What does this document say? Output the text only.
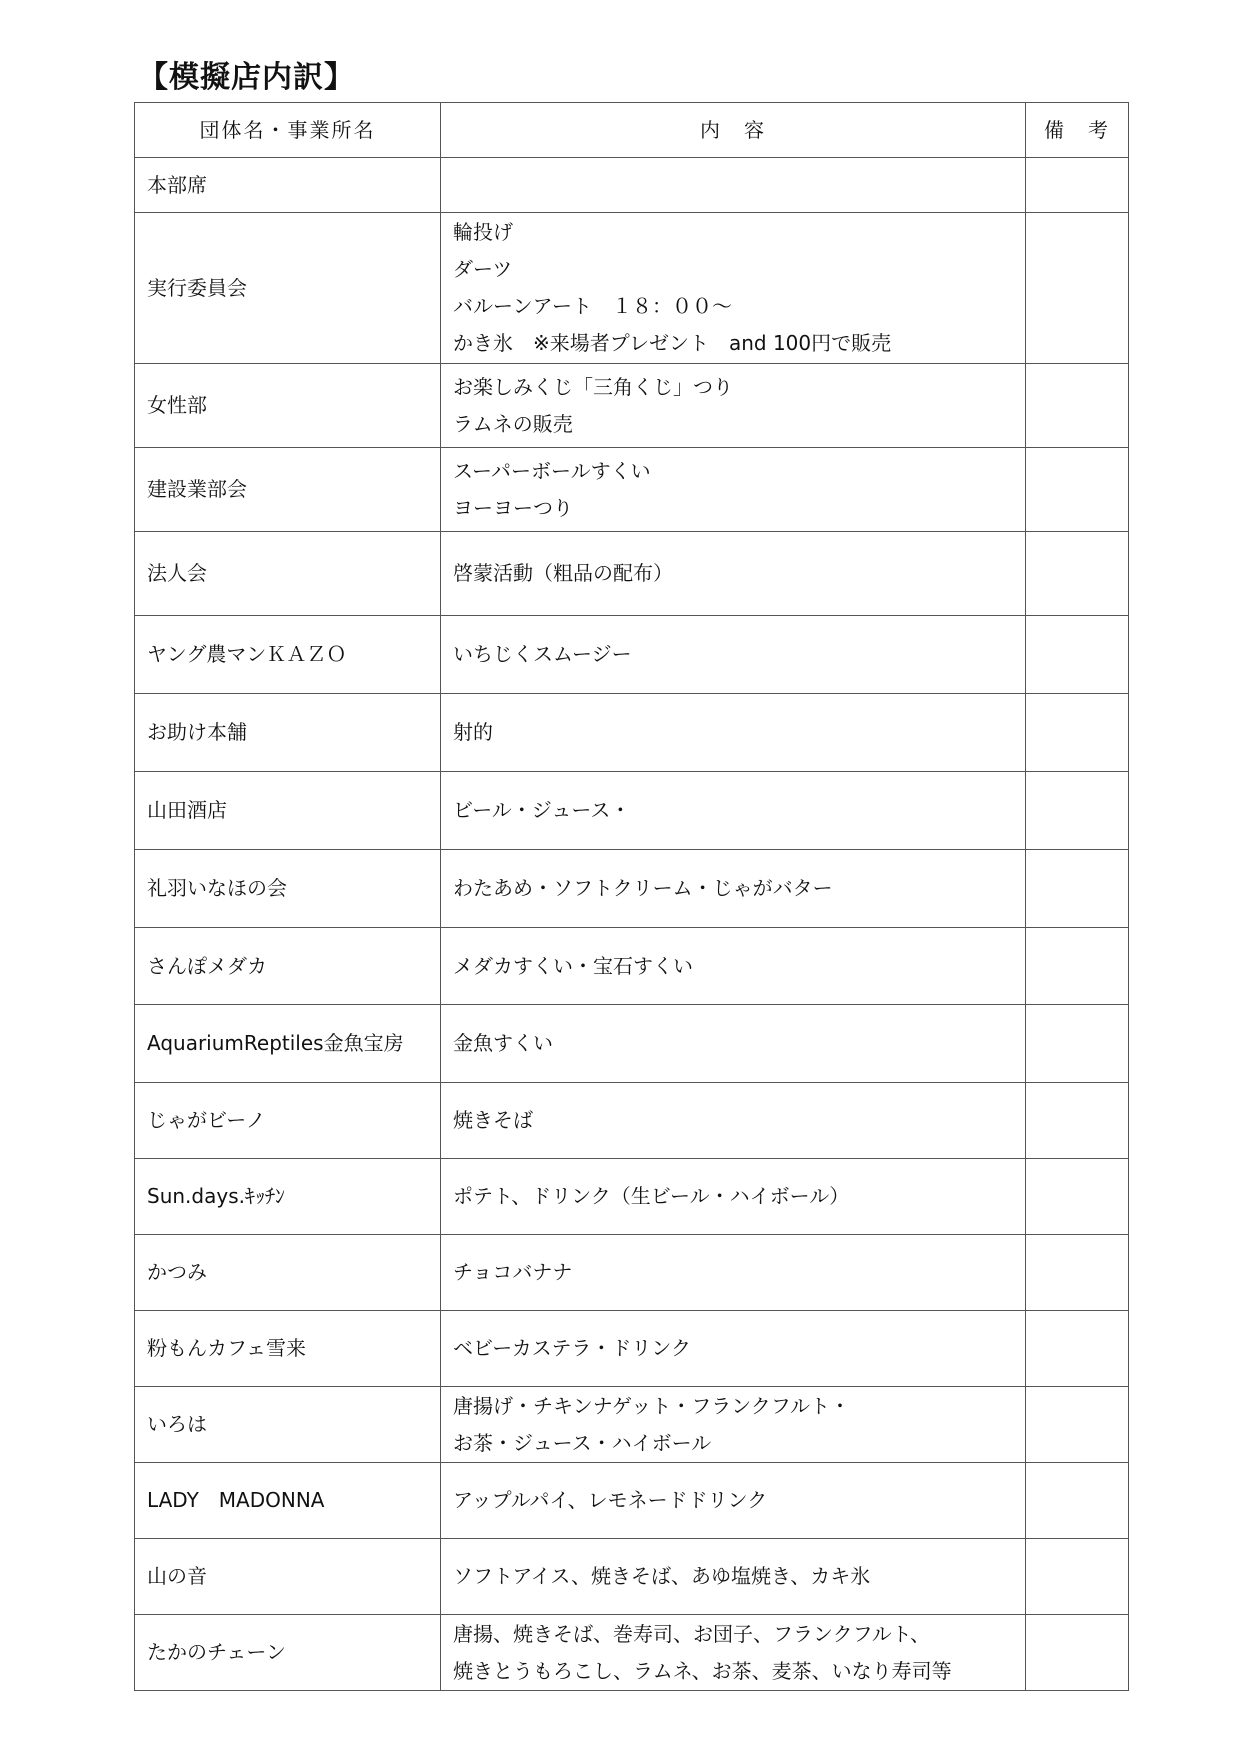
【模擬店内訳】
団体名・事業所名	内　容	備　考
本部席		
実行委員会	輪投げ
ダーツ
バルーンアート　１８：００～
かき氷　※来場者プレゼント　and 100円で販売	

女性部	お楽しみくじ「三角くじ」つり
ラムネの販売	

建設業部会	スーパーボールすくい
ヨーヨーつり	

法人会	啓蒙活動（粗品の配布）	

ヤング農マンＫＡＺＯ	いちじくスムージー	

お助け本舗	射的	

山田酒店	ビール・ジュース・	

礼羽いなほの会	わたあめ・ソフトクリーム・じゃがバター	

さんぽメダカ	メダカすくい・宝石すくい	

AquariumReptiles金魚宝房	金魚すくい	

じゃがビーノ	焼きそば	

Sun.days.ｷｯﾁﾝ	ポテト、ドリンク（生ビール・ハイボール）	

かつみ	チョコバナナ	

粉もんカフェ雪来	ベビーカステラ・ドリンク	

いろは	唐揚げ・チキンナゲット・フランクフルト・
お茶・ジュース・ハイボール	

LADY　MADONNA	アップルパイ、レモネードドリンク	

山の音	ソフトアイス、焼きそば、あゆ塩焼き、カキ氷	

たかのチェーン	唐揚、焼きそば、巻寿司、お団子、フランクフルト、
焼きとうもろこし、ラムネ、お茶、麦茶、いなり寿司等	
